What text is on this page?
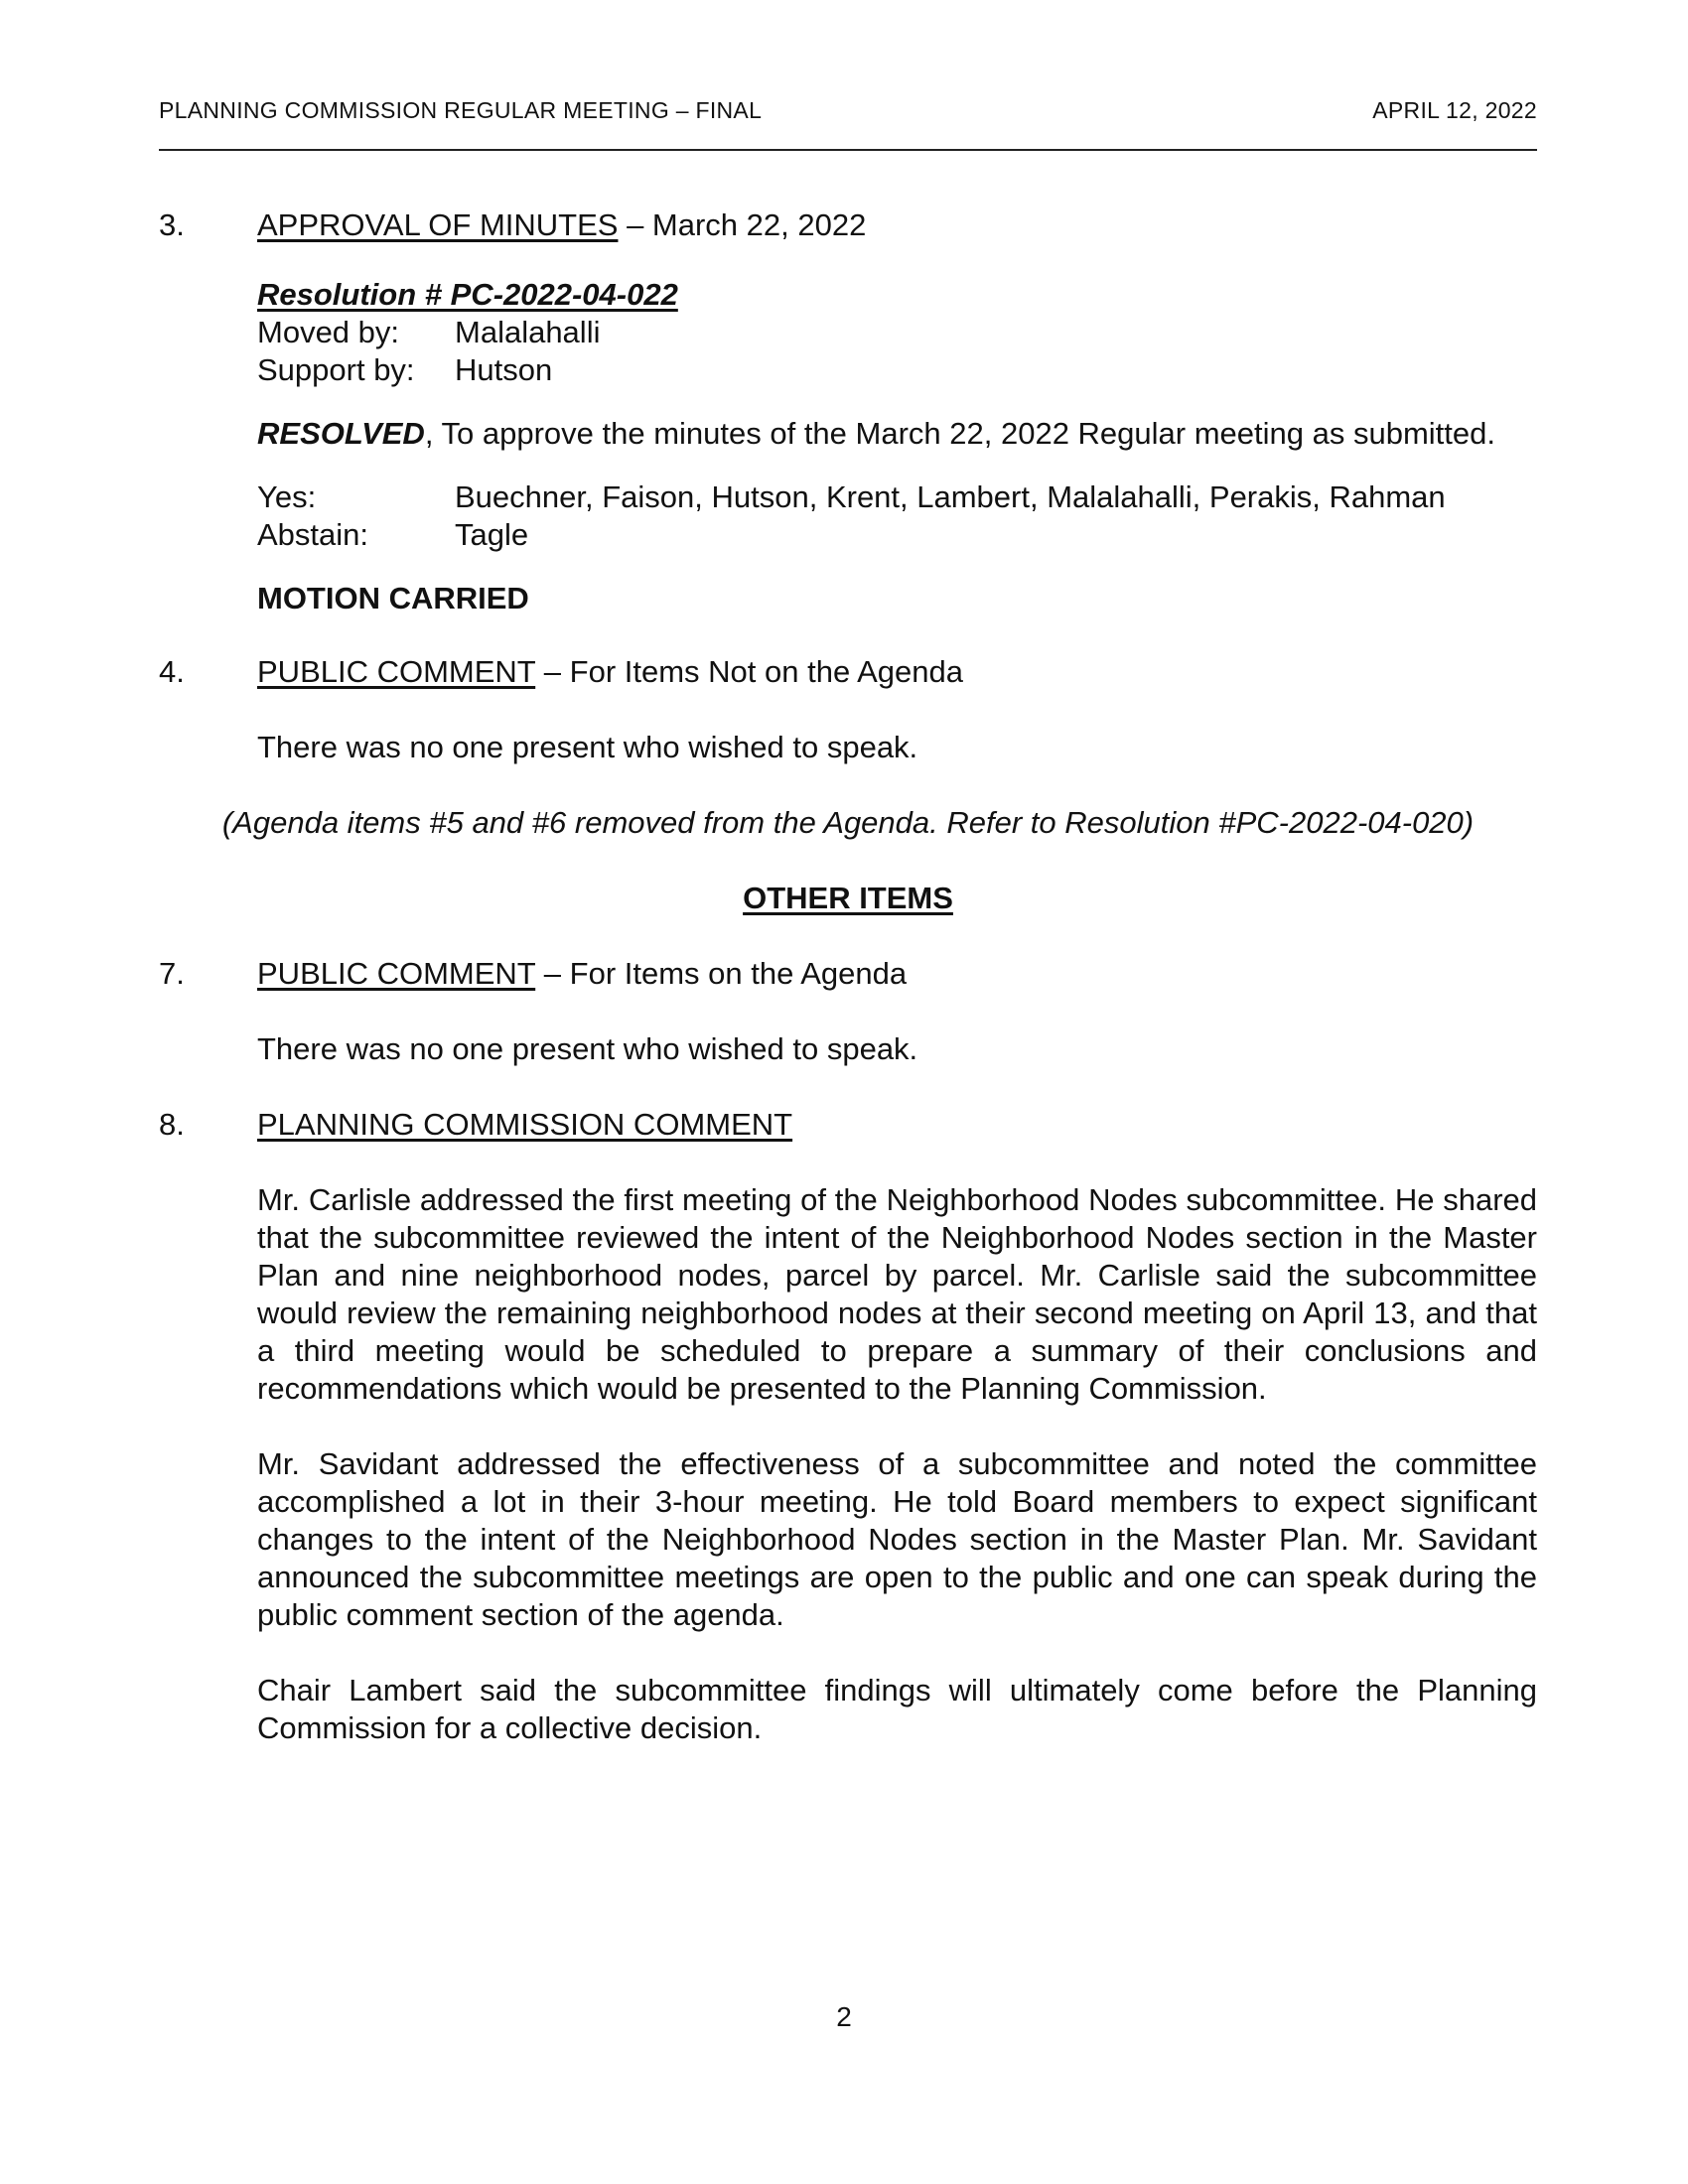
PLANNING COMMISSION REGULAR MEETING – FINAL	APRIL 12, 2022
3. APPROVAL OF MINUTES – March 22, 2022
Resolution # PC-2022-04-022
Moved by:	Malalahalli
Support by:	Hutson
RESOLVED, To approve the minutes of the March 22, 2022 Regular meeting as submitted.
Yes:	Buechner, Faison, Hutson, Krent, Lambert, Malalahalli, Perakis, Rahman
Abstain:	Tagle
MOTION CARRIED
4. PUBLIC COMMENT – For Items Not on the Agenda
There was no one present who wished to speak.
(Agenda items #5 and #6 removed from the Agenda. Refer to Resolution #PC-2022-04-020)
OTHER ITEMS
7. PUBLIC COMMENT – For Items on the Agenda
There was no one present who wished to speak.
8. PLANNING COMMISSION COMMENT
Mr. Carlisle addressed the first meeting of the Neighborhood Nodes subcommittee. He shared that the subcommittee reviewed the intent of the Neighborhood Nodes section in the Master Plan and nine neighborhood nodes, parcel by parcel. Mr. Carlisle said the subcommittee would review the remaining neighborhood nodes at their second meeting on April 13, and that a third meeting would be scheduled to prepare a summary of their conclusions and recommendations which would be presented to the Planning Commission.
Mr. Savidant addressed the effectiveness of a subcommittee and noted the committee accomplished a lot in their 3-hour meeting. He told Board members to expect significant changes to the intent of the Neighborhood Nodes section in the Master Plan. Mr. Savidant announced the subcommittee meetings are open to the public and one can speak during the public comment section of the agenda.
Chair Lambert said the subcommittee findings will ultimately come before the Planning Commission for a collective decision.
2
